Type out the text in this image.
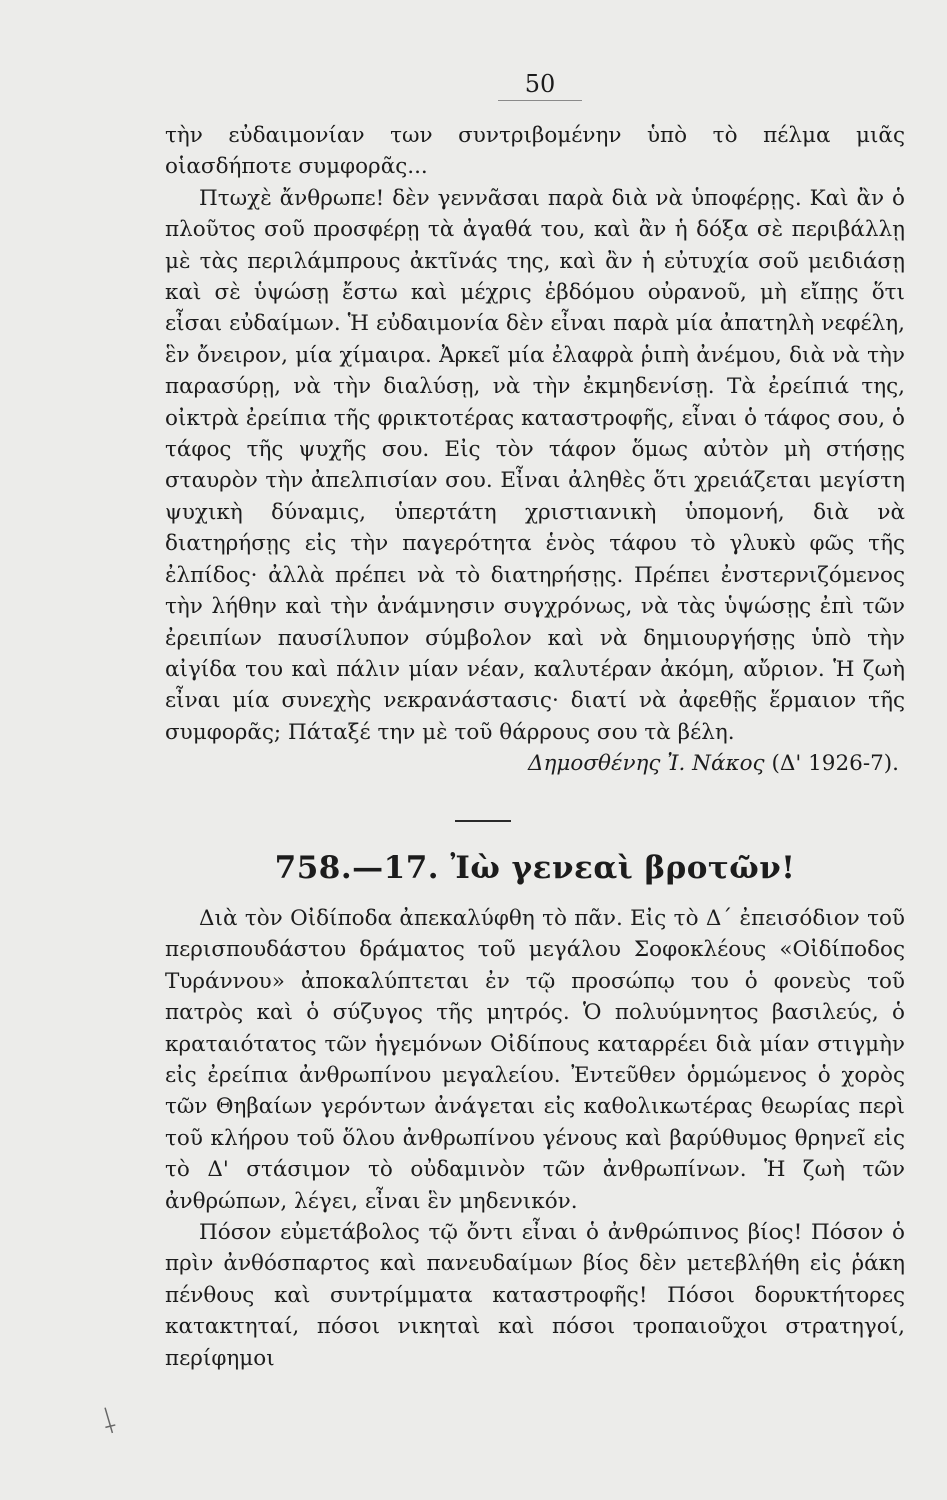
50

τὴν εὐδαιμονίαν των συντριβομένην ὑπὸ τὸ πέλμα μιᾶς οἱασδήποτε συμφορᾶς...

Πτωχὲ ἄνθρωπε! δὲν γεννᾶσαι παρὰ διὰ νὰ ὑποφέρῃς. Καὶ ἂν ὁ πλοῦτος σοῦ προσφέρῃ τὰ ἀγαθά του, καὶ ἂν ἡ δόξα σὲ περιβάλλῃ μὲ τὰς περιλάμπρους ἀκτῖνάς της, καὶ ἂν ἡ εὐτυχία σοῦ μειδιάσῃ καὶ σὲ ὑψώσῃ ἔστω καὶ μέχρις ἑβδόμου οὐρανοῦ, μὴ εἴπῃς ὅτι εἶσαι εὐδαίμων. Ἡ εὐδαιμονία δὲν εἶναι παρὰ μία ἀπατηλὴ νεφέλη, ἓν ὄνειρον, μία χίμαιρα. Ἀρκεῖ μία ἐλαφρὰ ῥιπὴ ἀνέμου, διὰ νὰ τὴν παρασύρῃ, νὰ τὴν διαλύσῃ, νὰ τὴν ἐκμηδενίσῃ. Τὰ ἐρείπιά της, οἰκτρὰ ἐρείπια τῆς φρικτοτέρας καταστροφῆς, εἶναι ὁ τάφος σου, ὁ τάφος τῆς ψυχῆς σου. Εἰς τὸν τάφον ὅμως αὐτὸν μὴ στήσῃς σταυρὸν τὴν ἀπελπισίαν σου. Εἶναι ἀληθὲς ὅτι χρειάζεται μεγίστη ψυχικὴ δύναμις, ὑπερτάτη χριστιανικὴ ὑπομονή, διὰ νὰ διατηρήσῃς εἰς τὴν παγερότητα ἑνὸς τάφου τὸ γλυκὺ φῶς τῆς ἐλπίδος· ἀλλὰ πρέπει νὰ τὸ διατηρήσῃς. Πρέπει ἐνστερνιζόμενος τὴν λήθην καὶ τὴν ἀνάμνησιν συγχρόνως, νὰ τὰς ὑψώσῃς ἐπὶ τῶν ἐρειπίων παυσίλυπον σύμβολον καὶ νὰ δημιουργήσῃς ὑπὸ τὴν αἰγίδα του καὶ πάλιν μίαν νέαν, καλυτέραν ἀκόμη, αὔριον. Ἡ ζωὴ εἶναι μία συνεχὴς νεκρανάστασις· διατί νὰ ἀφεθῇς ἕρμαιον τῆς συμφορᾶς; Πάταξέ την μὲ τοῦ θάρρους σου τὰ βέλη.

Δημοσθένης Ἰ. Νάκος (Δ' 1926-7).

758.—17. Ἰὼ γενεαὶ βροτῶν!

Διὰ τὸν Οἰδίποδα ἀπεκαλύφθη τὸ πᾶν. Εἰς τὸ Δ΄ ἐπεισόδιον τοῦ περισπουδάστου δράματος τοῦ μεγάλου Σοφοκλέους «Οἰδίποδος Τυράννου» ἀποκαλύπτεται ἐν τῷ προσώπῳ του ὁ φονεὺς τοῦ πατρὸς καὶ ὁ σύζυγος τῆς μητρός. Ὁ πολυύμνητος βασιλεύς, ὁ κραταιότατος τῶν ἡγεμόνων Οἰδίπους καταρρέει διὰ μίαν στιγμὴν εἰς ἐρείπια ἀνθρωπίνου μεγαλείου. Ἐντεῦθεν ὁρμώμενος ὁ χορὸς τῶν Θηβαίων γερόντων ἀνάγεται εἰς καθολικωτέρας θεωρίας περὶ τοῦ κλήρου τοῦ ὅλου ἀνθρωπίνου γένους καὶ βαρύθυμος θρηνεῖ εἰς τὸ Δ' στάσιμον τὸ οὐδαμινὸν τῶν ἀνθρωπίνων. Ἡ ζωὴ τῶν ἀνθρώπων, λέγει, εἶναι ἓν μηδενικόν.

Πόσον εὐμετάβολος τῷ ὄντι εἶναι ὁ ἀνθρώπινος βίος! Πόσον ὁ πρὶν ἀνθόσπαρτος καὶ πανευδαίμων βίος δὲν μετεβλήθη εἰς ῥάκη πένθους καὶ συντρίμματα καταστροφῆς! Πόσοι δορυκτήτορες κατακτηταί, πόσοι νικηταὶ καὶ πόσοι τροπαιοῦχοι στρατηγοί, περίφημοι
